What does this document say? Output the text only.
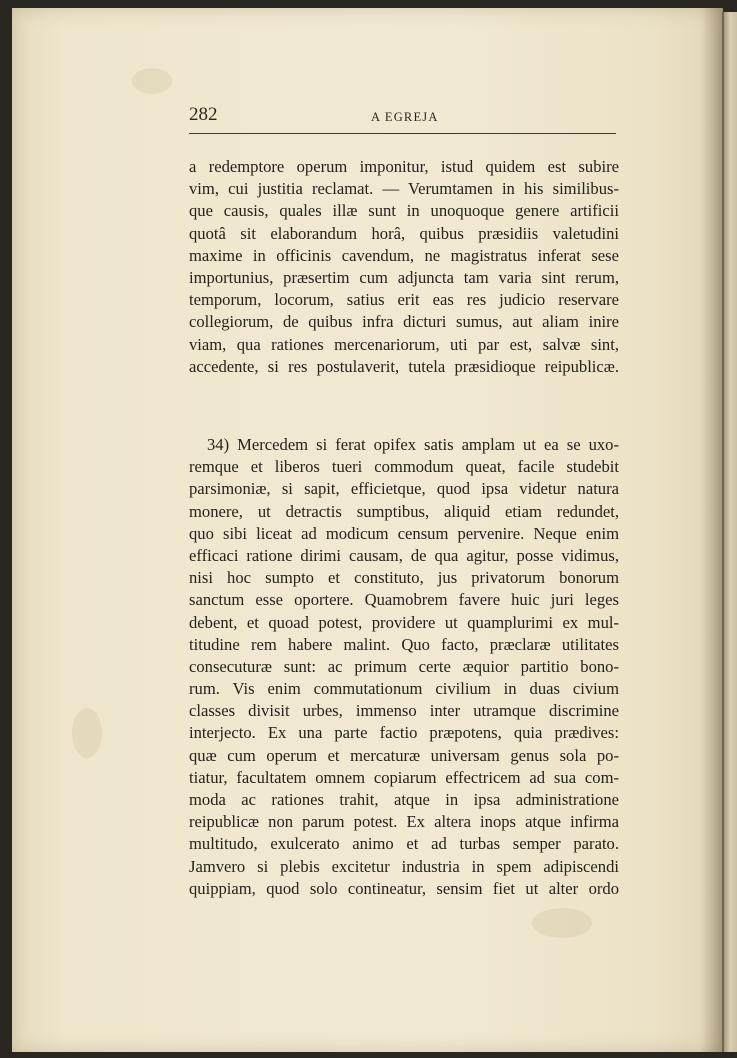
282	A EGREJA
a redemptore operum imponitur, istud quidem est subire
vim, cui justitia reclamat. — Verumtamen in his similibus-
que causis, quales illæ sunt in unoquoque genere artificii
quotâ sit elaborandum horâ, quibus præsidiis valetudini
maxime in officinis cavendum, ne magistratus inferat sese
importunius, præsertim cum adjuncta tam varia sint rerum,
temporum, locorum, satius erit eas res judicio reservare
collegiorum, de quibus infra dicturi sumus, aut aliam inire
viam, qua rationes mercenariorum, uti par est, salvæ sint,
accedente, si res postulaverit, tutela præsidioque reipublicæ.
34) Mercedem si ferat opifex satis amplam ut ea se uxo-
remque et liberos tueri commodum queat, facile studebit
parsimoniæ, si sapit, efficietque, quod ipsa videtur natura
monere, ut detractis sumptibus, aliquid etiam redundet,
quo sibi liceat ad modicum censum pervenire. Neque enim
efficaci ratione dirimi causam, de qua agitur, posse vidimus,
nisi hoc sumpto et constituto, jus privatorum bonorum
sanctum esse oportere. Quamobrem favere huic juri leges
debent, et quoad potest, providere ut quamplurimi ex mul-
titudine rem habere malint. Quo facto, præclaræ utilitates
consecuturæ sunt: ac primum certe æquior partitio bono-
rum. Vis enim commutationum civilium in duas civium
classes divisit urbes, immenso inter utramque discrimine
interjecto. Ex una parte factio præpotens, quia prædives:
quæ cum operum et mercaturæ universam genus sola po-
tiatur, facultatem omnem copiarum effectricem ad sua com-
moda ac rationes trahit, atque in ipsa administratione
reipublicæ non parum potest. Ex altera inops atque infirma
multitudo, exulcerato animo et ad turbas semper parato.
Jamvero si plebis excitetur industria in spem adipiscendi
quippiam, quod solo contineatur, sensim fiet ut alter ordo
